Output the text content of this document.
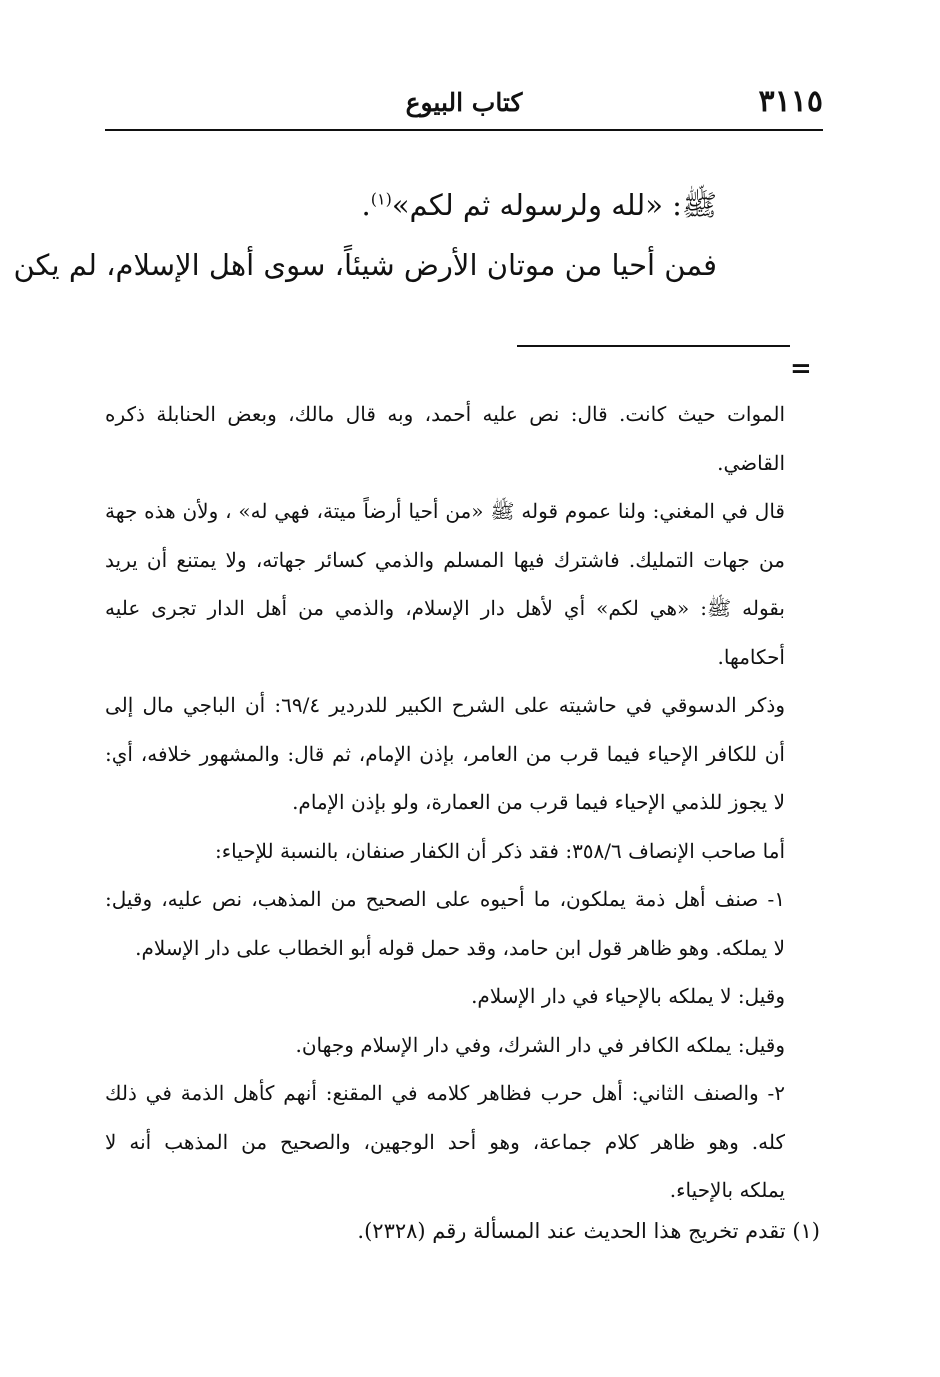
٣١١٥
كتاب البيوع

ﷺ: «لله ولرسوله ثم لكم»$^{(١)}$.

فمن أحيا من موتان الأرض شيئاً، سوى أهل الإسلام، لم يكن

=

الموات حيث كانت. قال: نص عليه أحمد، وبه قال مالك، وبعض الحنابلة ذكره

القاضي.

قال في المغني: ولنا عموم قوله ﷺ «من أحيا أرضاً ميتة، فهي له» ، ولأن هذه جهة

من جهات التمليك. فاشترك فيها المسلم والذمي كسائر جهاته، ولا يمتنع أن يريد

بقوله ﷺ: «هي لكم» أي لأهل دار الإسلام، والذمي من أهل الدار تجرى عليه

أحكامها.

وذكر الدسوقي في حاشيته على الشرح الكبير للدردير ٦٩/٤: أن الباجي مال إلى

أن للكافر الإحياء فيما قرب من العامر، بإذن الإمام، ثم قال: والمشهور خلافه، أي:

لا يجوز للذمي الإحياء فيما قرب من العمارة، ولو بإذن الإمام.

أما صاحب الإنصاف ٣٥٨/٦: فقد ذكر أن الكفار صنفان، بالنسبة للإحياء:

١- صنف أهل ذمة يملكون، ما أحيوه على الصحيح من المذهب، نص عليه، وقيل:

لا يملكه. وهو ظاهر قول ابن حامد، وقد حمل قوله أبو الخطاب على دار الإسلام.

وقيل: لا يملكه بالإحياء في دار الإسلام.

وقيل: يملكه الكافر في دار الشرك، وفي دار الإسلام وجهان.

٢- والصنف الثاني: أهل حرب فظاهر كلامه في المقنع: أنهم كأهل الذمة في ذلك

كله. وهو ظاهر كلام جماعة، وهو أحد الوجهين، والصحيح من المذهب أنه لا

يملكه بالإحياء.

(١) تقدم تخريج هذا الحديث عند المسألة رقم (٢٣٢٨).
